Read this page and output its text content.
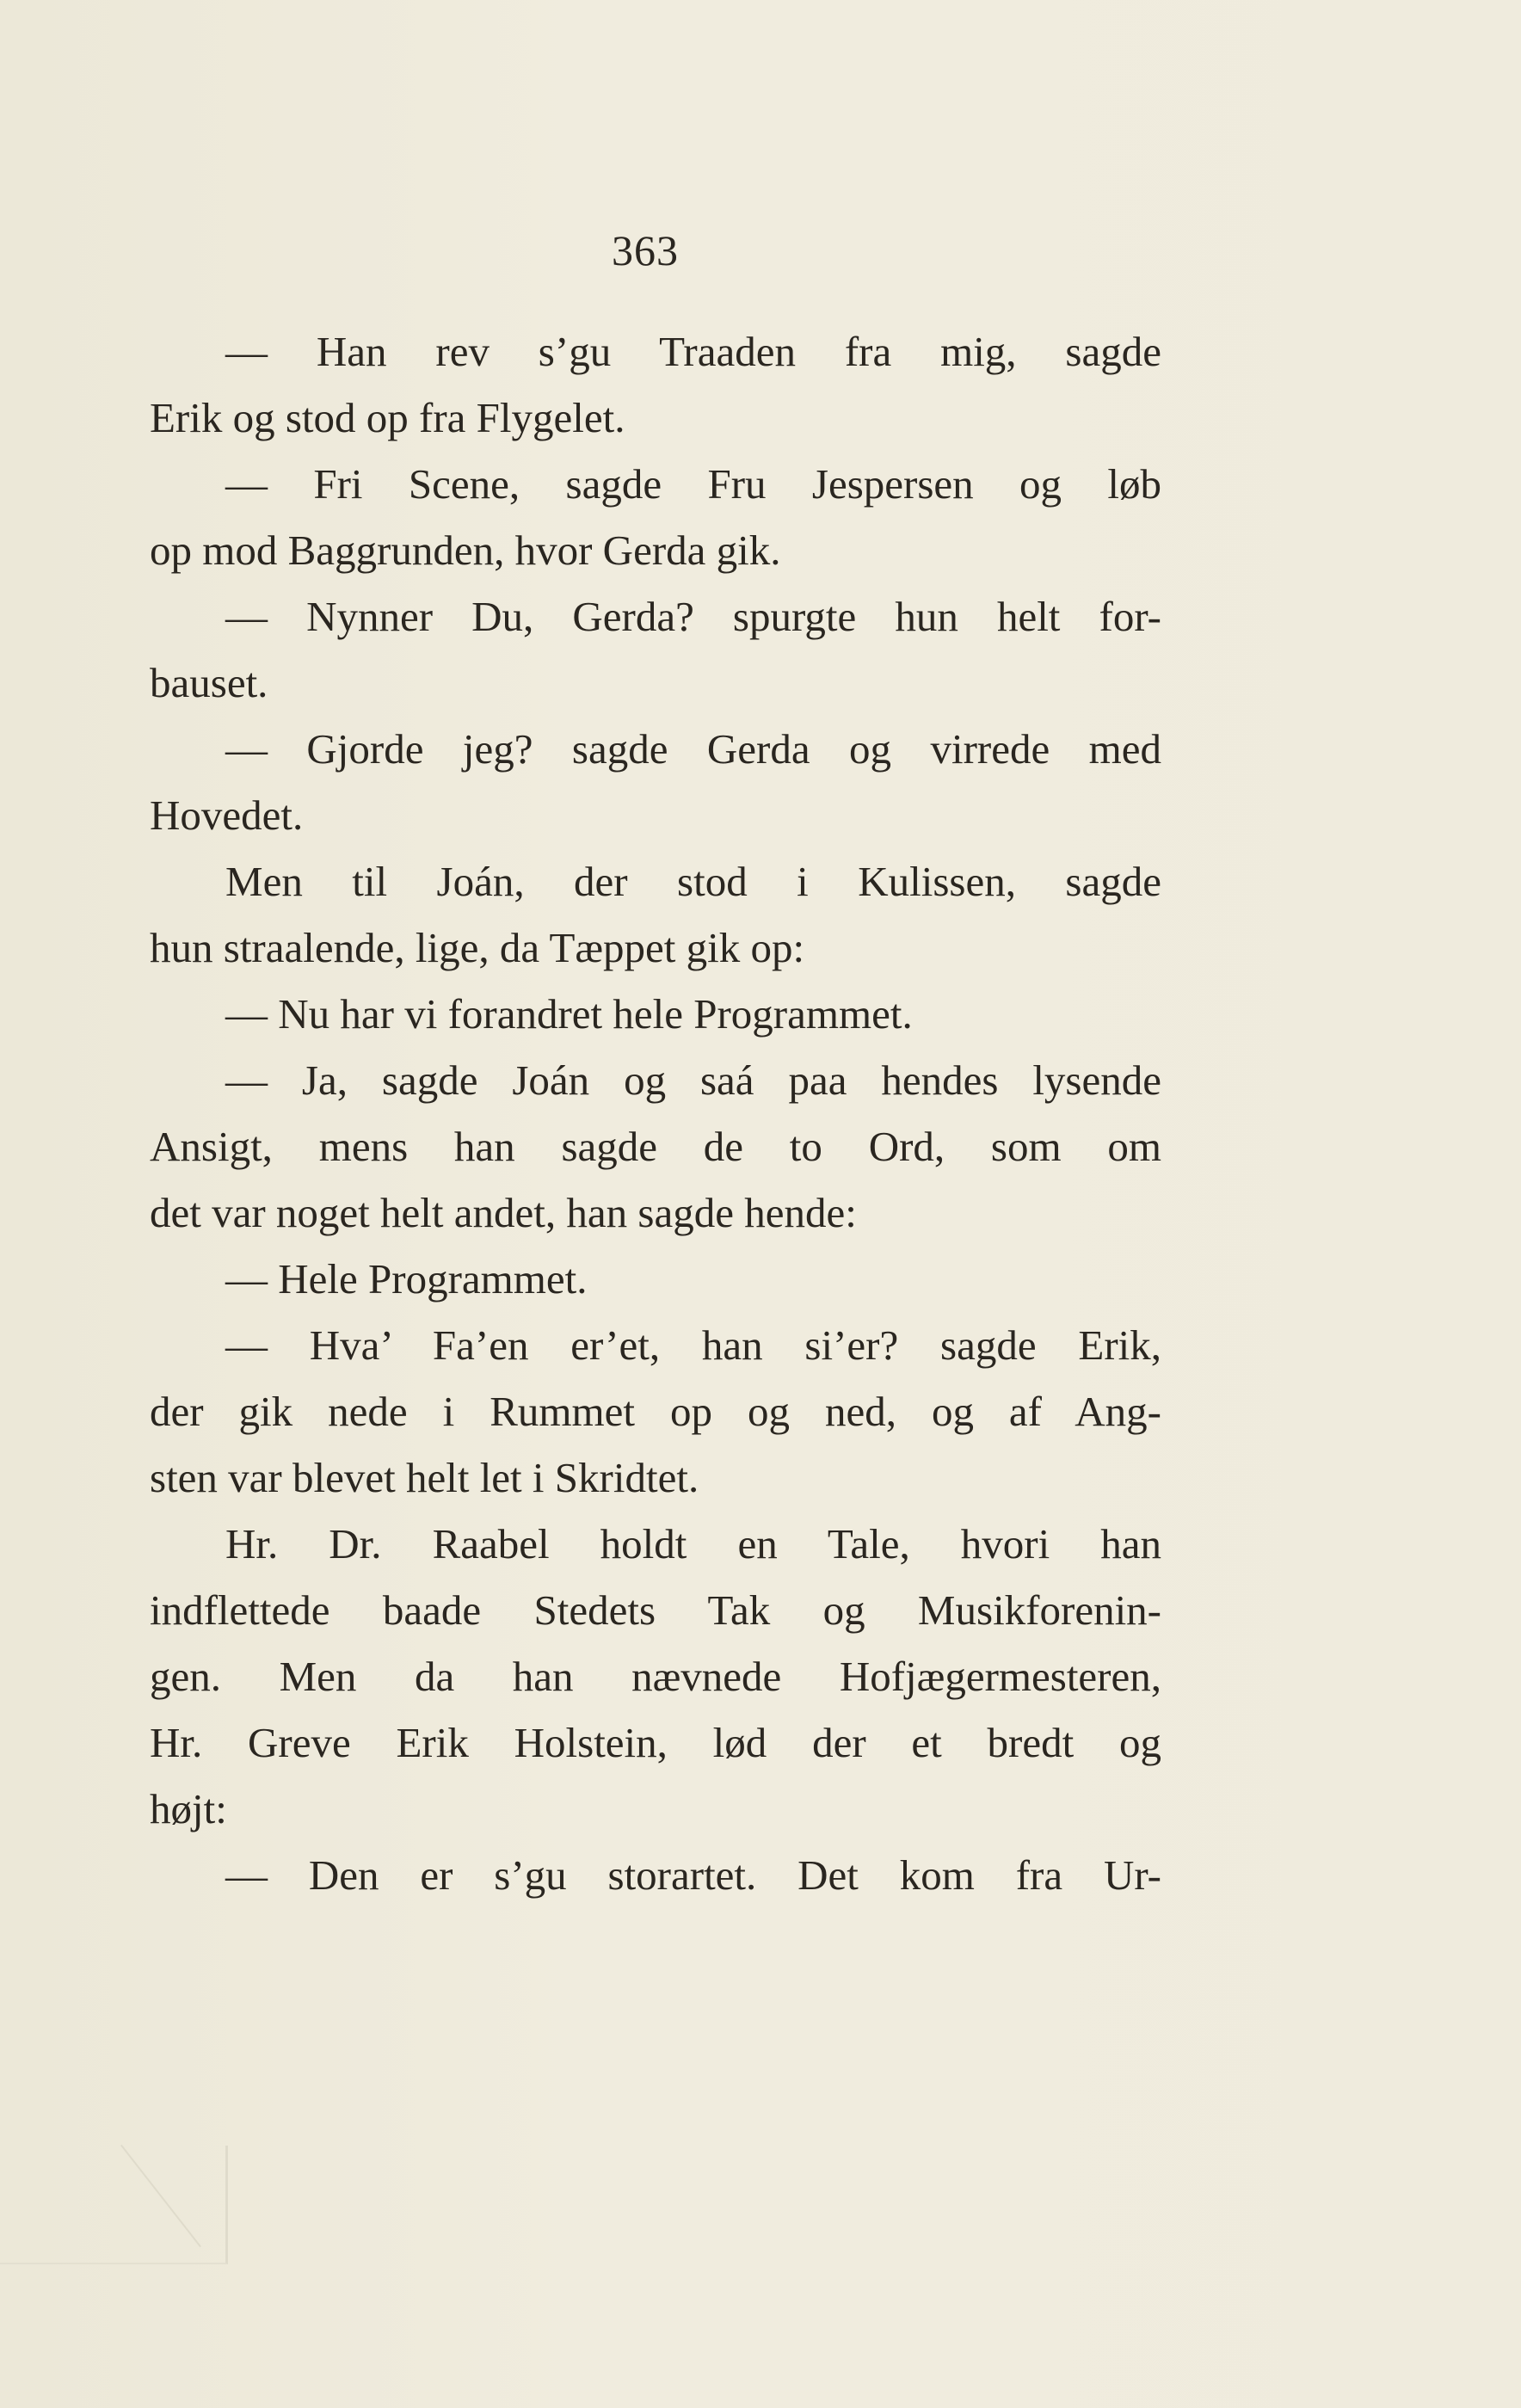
363
— Han rev s’gu Traaden fra mig, sagde
Erik og stod op fra Flygelet.
— Fri Scene, sagde Fru Jespersen og løb
op mod Baggrunden, hvor Gerda gik.
— Nynner Du, Gerda? spurgte hun helt for-
bauset.
— Gjorde jeg? sagde Gerda og virrede med
Hovedet.
Men til Joán, der stod i Kulissen, sagde
hun straalende, lige, da Tæppet gik op:
— Nu har vi forandret hele Programmet.
— Ja, sagde Joán og saá paa hendes lysende
Ansigt, mens han sagde de to Ord, som om
det var noget helt andet, han sagde hende:
— Hele Programmet.
— Hva’ Fa’en er’et, han si’er? sagde Erik,
der gik nede i Rummet op og ned, og af Ang-
sten var blevet helt let i Skridtet.
Hr. Dr. Raabel holdt en Tale, hvori han
indflettede baade Stedets Tak og Musikforenin-
gen. Men da han nævnede Hofjægermesteren,
Hr. Greve Erik Holstein, lød der et bredt og
højt:
— Den er s’gu storartet. Det kom fra Ur-
